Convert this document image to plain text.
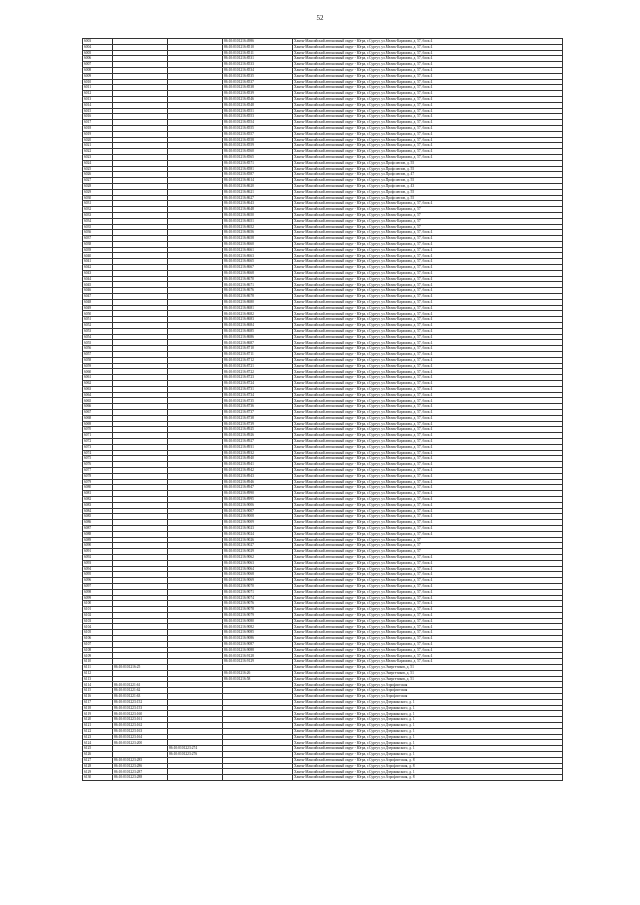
52
6003			86:10:0101216:4986	Ханты-Мансийский автономный округ - Югра, г.Сургут, ул.Мелик-Карамова, д. 57, блок 4
6004			86:10:0101216:8510	Ханты-Мансийский автономный округ - Югра, г.Сургут, ул.Мелик-Карамова, д. 57, блок 4
6005			86:10:0101216:8511	Ханты-Мансийский автономный округ - Югра, г.Сургут, ул.Мелик-Карамова, д. 57, блок 4
6006			86:10:0101216:8531	Ханты-Мансийский автономный округ - Югра, г.Сургут, ул.Мелик-Карамова, д. 57, блок 4
6007			86:10:0101216:8533	Ханты-Мансийский автономный округ - Югра, г.Сургут, ул.Мелик-Карамова, д. 57, блок 4
6008			86:10:0101216:8534	Ханты-Мансийский автономный округ - Югра, г.Сургут, ул.Мелик-Карамова, д. 57, блок 4
6009			86:10:0101216:8535	Ханты-Мансийский автономный округ - Югра, г.Сургут, ул.Мелик-Карамова, д. 57, блок 4
6010			86:10:0101216:8537	Ханты-Мансийский автономный округ - Югра, г.Сургут, ул.Мелик-Карамова, д. 57, блок 4
6011			86:10:0101216:8538	Ханты-Мансийский автономный округ - Югра, г.Сургут, ул.Мелик-Карамова, д. 57, блок 4
6012			86:10:0101216:8539	Ханты-Мансийский автономный округ - Югра, г.Сургут, ул.Мелик-Карамова, д. 57, блок 4
6013			86:10:0101216:8546	Ханты-Мансийский автономный округ - Югра, г.Сургут, ул.Мелик-Карамова, д. 57, блок 4
6014			86:10:0101216:8548	Ханты-Мансийский автономный округ - Югра, г.Сургут, ул.Мелик-Карамова, д. 57, блок 4
6015			86:10:0101216:8551	Ханты-Мансийский автономный округ - Югра, г.Сургут, ул.Мелик-Карамова, д. 57, блок 4
6016			86:10:0101216:8553	Ханты-Мансийский автономный округ - Югра, г.Сургут, ул.Мелик-Карамова, д. 57, блок 4
6017			86:10:0101216:8554	Ханты-Мансийский автономный округ - Югра, г.Сургут, ул.Мелик-Карамова, д. 57, блок 4
6018			86:10:0101216:8555	Ханты-Мансийский автономный округ - Югра, г.Сургут, ул.Мелик-Карамова, д. 57, блок 4
6019			86:10:0101216:8557	Ханты-Мансийский автономный округ - Югра, г.Сургут, ул.Мелик-Карамова, д. 57, блок 4
6020			86:10:0101216:8558	Ханты-Мансийский автономный округ - Югра, г.Сургут, ул.Мелик-Карамова, д. 57, блок 4
6021			86:10:0101216:8559	Ханты-Мансийский автономный округ - Югра, г.Сургут, ул.Мелик-Карамова, д. 57, блок 4
6022			86:10:0101216:8560	Ханты-Мансийский автономный округ - Югра, г.Сургут, ул.Мелик-Карамова, д. 57, блок 4
6023			86:10:0101216:8565	Ханты-Мансийский автономный округ - Югра, г.Сургут, ул.Мелик-Карамова, д. 57, блок 4
6024			86:10:0101216:8571	Ханты-Мансийский автономный округ - Югра, г.Сургут, ул.Профсоюзов, д. 55
6025			86:10:0101216:8581	Ханты-Мансийский автономный округ - Югра, г.Сургут, ул.Профсоюзов, д. 55
6026			86:10:0101216:8587	Ханты-Мансийский автономный округ - Югра, г.Сургут, ул.Профсоюзов, д. 47
6027			86:10:0101216:8614	Ханты-Мансийский автономный округ - Югра, г.Сургут, ул.Профсоюзов, д. 55
6028			86:10:0101216:8620	Ханты-Мансийский автономный округ - Югра, г.Сургут, ул.Профсоюзов, д. 43
6029			86:10:0101216:8621	Ханты-Мансийский автономный округ - Югра, г.Сургут, ул.Профсоюзов, д. 55
6030			86:10:0101216:8627	Ханты-Мансийский автономный округ - Югра, г.Сургут, ул.Профсоюзов, д. 55
6031			86:10:0101216:8643	Ханты-Мансийский автономный округ - Югра, г.Сургут, ул.Мелик-Карамова, д. 57, блок 4
6032			86:10:0101216:8648	Ханты-Мансийский автономный округ - Югра, г.Сургут, ул.Мелик-Карамова, д. 57
6033			86:10:0101216:8650	Ханты-Мансийский автономный округ - Югра, г.Сургут, ул.Мелик-Карамова, д. 57
6034			86:10:0101216:8651	Ханты-Мансийский автономный округ - Югра, г.Сургут, ул.Мелик-Карамова, д. 57
6035			86:10:0101216:8652	Ханты-Мансийский автономный округ - Югра, г.Сургут, ул.Мелик-Карамова, д. 57
6036			86:10:0101216:8656	Ханты-Мансийский автономный округ - Югра, г.Сургут, ул.Мелик-Карамова, д. 57, блок 4
6037			86:10:0101216:8658	Ханты-Мансийский автономный округ - Югра, г.Сургут, ул.Мелик-Карамова, д. 57, блок 4
6038			86:10:0101216:8660	Ханты-Мансийский автономный округ - Югра, г.Сургут, ул.Мелик-Карамова, д. 57, блок 4
6039			86:10:0101216:8661	Ханты-Мансийский автономный округ - Югра, г.Сургут, ул.Мелик-Карамова, д. 57, блок 4
6040			86:10:0101216:8663	Ханты-Мансийский автономный округ - Югра, г.Сургут, ул.Мелик-Карамова, д. 57, блок 4
6041			86:10:0101216:8665	Ханты-Мансийский автономный округ - Югра, г.Сургут, ул.Мелик-Карамова, д. 57, блок 4
6042			86:10:0101216:8667	Ханты-Мансийский автономный округ - Югра, г.Сургут, ул.Мелик-Карамова, д. 57, блок 4
6043			86:10:0101216:8668	Ханты-Мансийский автономный округ - Югра, г.Сургут, ул.Мелик-Карамова, д. 57, блок 4
6044			86:10:0101216:8670	Ханты-Мансийский автономный округ - Югра, г.Сургут, ул.Мелик-Карамова, д. 57, блок 4
6045			86:10:0101216:8671	Ханты-Мансийский автономный округ - Югра, г.Сургут, ул.Мелик-Карамова, д. 57, блок 4
6046			86:10:0101216:8676	Ханты-Мансийский автономный округ - Югра, г.Сургут, ул.Мелик-Карамова, д. 57, блок 4
6047			86:10:0101216:8678	Ханты-Мансийский автономный округ - Югра, г.Сургут, ул.Мелик-Карамова, д. 57, блок 4
6048			86:10:0101216:8680	Ханты-Мансийский автономный округ - Югра, г.Сургут, ул.Мелик-Карамова, д. 57, блок 4
6049			86:10:0101216:8681	Ханты-Мансийский автономный округ - Югра, г.Сургут, ул.Мелик-Карамова, д. 57, блок 4
6050			86:10:0101216:8682	Ханты-Мансийский автономный округ - Югра, г.Сургут, ул.Мелик-Карамова, д. 57, блок 4
6051			86:10:0101216:8683	Ханты-Мансийский автономный округ - Югра, г.Сургут, ул.Мелик-Карамова, д. 57, блок 4
6052			86:10:0101216:8684	Ханты-Мансийский автономный округ - Югра, г.Сургут, ул.Мелик-Карамова, д. 57, блок 4
6053			86:10:0101216:8685	Ханты-Мансийский автономный округ - Югра, г.Сургут, ул.Мелик-Карамова, д. 57, блок 4
6054			86:10:0101216:8686	Ханты-Мансийский автономный округ - Югра, г.Сургут, ул.Мелик-Карамова, д. 57, блок 4
6055			86:10:0101216:8687	Ханты-Мансийский автономный округ - Югра, г.Сургут, ул.Мелик-Карамова, д. 57, блок 4
6056			86:10:0101216:8710	Ханты-Мансийский автономный округ - Югра, г.Сургут, ул.Мелик-Карамова, д. 57, блок 4
6057			86:10:0101216:8711	Ханты-Мансийский автономный округ - Югра, г.Сургут, ул.Мелик-Карамова, д. 57, блок 4
6058			86:10:0101216:8712	Ханты-Мансийский автономный округ - Югра, г.Сургут, ул.Мелик-Карамова, д. 57, блок 4
6059			86:10:0101216:8721	Ханты-Мансийский автономный округ - Югра, г.Сургут, ул.Мелик-Карамова, д. 57, блок 4
6060			86:10:0101216:8722	Ханты-Мансийский автономный округ - Югра, г.Сургут, ул.Мелик-Карамова, д. 57, блок 4
6061			86:10:0101216:8723	Ханты-Мансийский автономный округ - Югра, г.Сургут, ул.Мелик-Карамова, д. 57, блок 4
6062			86:10:0101216:8724	Ханты-Мансийский автономный округ - Югра, г.Сургут, ул.Мелик-Карамова, д. 57, блок 4
6063			86:10:0101216:8731	Ханты-Мансийский автономный округ - Югра, г.Сургут, ул.Мелик-Карамова, д. 57, блок 4
6064			86:10:0101216:8734	Ханты-Мансийский автономный округ - Югра, г.Сургут, ул.Мелик-Карамова, д. 57, блок 4
6065			86:10:0101216:8735	Ханты-Мансийский автономный округ - Югра, г.Сургут, ул.Мелик-Карамова, д. 57, блок 4
6066			86:10:0101216:8736	Ханты-Мансийский автономный округ - Югра, г.Сургут, ул.Мелик-Карамова, д. 57, блок 4
6067			86:10:0101216:8737	Ханты-Мансийский автономный округ - Югра, г.Сургут, ул.Мелик-Карамова, д. 57, блок 4
6068			86:10:0101216:8738	Ханты-Мансийский автономный округ - Югра, г.Сургут, ул.Мелик-Карамова, д. 57, блок 4
6069			86:10:0101216:8739	Ханты-Мансийский автономный округ - Югра, г.Сургут, ул.Мелик-Карамова, д. 57, блок 4
6070			86:10:0101216:8925	Ханты-Мансийский автономный округ - Югра, г.Сургут, ул.Мелик-Карамова, д. 57, блок 4
6071			86:10:0101216:8926	Ханты-Мансийский автономный округ - Югра, г.Сургут, ул.Мелик-Карамова, д. 57, блок 4
6072			86:10:0101216:8927	Ханты-Мансийский автономный округ - Югра, г.Сургут, ул.Мелик-Карамова, д. 57, блок 4
6073			86:10:0101216:8931	Ханты-Мансийский автономный округ - Югра, г.Сургут, ул.Мелик-Карамова, д. 57, блок 4
6074			86:10:0101216:8932	Ханты-Мансийский автономный округ - Югра, г.Сургут, ул.Мелик-Карамова, д. 57, блок 4
6075			86:10:0101216:8940	Ханты-Мансийский автономный округ - Югра, г.Сургут, ул.Мелик-Карамова, д. 57, блок 4
6076			86:10:0101216:8941	Ханты-Мансийский автономный округ - Югра, г.Сургут, ул.Мелик-Карамова, д. 57, блок 4
6077			86:10:0101216:8942	Ханты-Мансийский автономный округ - Югра, г.Сургут, ул.Мелик-Карамова, д. 57, блок 4
6078			86:10:0101216:8943	Ханты-Мансийский автономный округ - Югра, г.Сургут, ул.Мелик-Карамова, д. 57, блок 4
6079			86:10:0101216:8946	Ханты-Мансийский автономный округ - Югра, г.Сургут, ул.Мелик-Карамова, д. 57, блок 4
6080			86:10:0101216:8947	Ханты-Мансийский автономный округ - Югра, г.Сургут, ул.Мелик-Карамова, д. 57, блок 4
6081			86:10:0101216:8990	Ханты-Мансийский автономный округ - Югра, г.Сургут, ул.Мелик-Карамова, д. 57, блок 4
6082			86:10:0101216:8995	Ханты-Мансийский автономный округ - Югра, г.Сургут, ул.Мелик-Карамова, д. 57, блок 4
6083			86:10:0101216:9006	Ханты-Мансийский автономный округ - Югра, г.Сургут, ул.Мелик-Карамова, д. 57, блок 4
6084			86:10:0101216:9007	Ханты-Мансийский автономный округ - Югра, г.Сургут, ул.Мелик-Карамова, д. 57, блок 4
6085			86:10:0101216:9008	Ханты-Мансийский автономный округ - Югра, г.Сургут, ул.Мелик-Карамова, д. 57, блок 4
6086			86:10:0101216:9009	Ханты-Мансийский автономный округ - Югра, г.Сургут, ул.Мелик-Карамова, д. 57, блок 4
6087			86:10:0101216:9023	Ханты-Мансийский автономный округ - Югра, г.Сургут, ул.Мелик-Карамова, д. 57, блок 4
6088			86:10:0101216:9024	Ханты-Мансийский автономный округ - Югра, г.Сургут, ул.Мелик-Карамова, д. 57, блок 4
6089			86:10:0101216:9026	Ханты-Мансийский автономный округ - Югра, г.Сургут, ул.Мелик-Карамова, д. 57
6090			86:10:0101216:9027	Ханты-Мансийский автономный округ - Югра, г.Сургут, ул.Мелик-Карамова, д. 57
6091			86:10:0101216:9029	Ханты-Мансийский автономный округ - Югра, г.Сургут, ул.Мелик-Карамова, д. 57
6092			86:10:0101216:9062	Ханты-Мансийский автономный округ - Югра, г.Сургут, ул.Мелик-Карамова, д. 57, блок 4
6093			86:10:0101216:9063	Ханты-Мансийский автономный округ - Югра, г.Сургут, ул.Мелик-Карамова, д. 57, блок 4
6094			86:10:0101216:9064	Ханты-Мансийский автономный округ - Югра, г.Сургут, ул.Мелик-Карамова, д. 57, блок 4
6095			86:10:0101216:9068	Ханты-Мансийский автономный округ - Югра, г.Сургут, ул.Мелик-Карамова, д. 57, блок 4
6096			86:10:0101216:9069	Ханты-Мансийский автономный округ - Югра, г.Сургут, ул.Мелик-Карамова, д. 57, блок 4
6097			86:10:0101216:9070	Ханты-Мансийский автономный округ - Югра, г.Сургут, ул.Мелик-Карамова, д. 57, блок 4
6098			86:10:0101216:9071	Ханты-Мансийский автономный округ - Югра, г.Сургут, ул.Мелик-Карамова, д. 57, блок 4
6099			86:10:0101216:9074	Ханты-Мансийский автономный округ - Югра, г.Сургут, ул.Мелик-Карамова, д. 57, блок 4
6100			86:10:0101216:9076	Ханты-Мансийский автономный округ - Югра, г.Сургут, ул.Мелик-Карамова, д. 57, блок 4
6101			86:10:0101216:9078	Ханты-Мансийский автономный округ - Югра, г.Сургут, ул.Мелик-Карамова, д. 57, блок 4
6102			86:10:0101216:9079	Ханты-Мансийский автономный округ - Югра, г.Сургут, ул.Мелик-Карамова, д. 57, блок 4
6103			86:10:0101216:9080	Ханты-Мансийский автономный округ - Югра, г.Сургут, ул.Мелик-Карамова, д. 57, блок 4
6104			86:10:0101216:9082	Ханты-Мансийский автономный округ - Югра, г.Сургут, ул.Мелик-Карамова, д. 57, блок 4
6105			86:10:0101216:9085	Ханты-Мансийский автономный округ - Югра, г.Сургут, ул.Мелик-Карамова, д. 57, блок 4
6106			86:10:0101216:9086	Ханты-Мансийский автономный округ - Югра, г.Сургут, ул.Мелик-Карамова, д. 57, блок 4
6107			86:10:0101216:9087	Ханты-Мансийский автономный округ - Югра, г.Сургут, ул.Мелик-Карамова, д. 57, блок 4
6108			86:10:0101216:9088	Ханты-Мансийский автономный округ - Югра, г.Сургут, ул.Мелик-Карамова, д. 57, блок 4
6109			86:10:0101216:9128	Ханты-Мансийский автономный округ - Югра, г.Сургут, ул.Мелик-Карамова, д. 57, блок 4
6110			86:10:0101216:9129	Ханты-Мансийский автономный округ - Югра, г.Сургут, ул.Мелик-Карамова, д. 57, блок 4
6111	86:10:0101216:25			Ханты-Мансийский автономный округ - Югра, г.Сургут, ул.Энергетиков, д. 51
6112			86:10:0101216:26	Ханты-Мансийский автономный округ - Югра, г.Сургут, ул.Энергетиков, д. 51
6113			86:10:0101216:58	Ханты-Мансийский автономный округ - Югра, г.Сургут, ул.Энергетиков, д. 51
6114	86:10:0101221:61			Ханты-Мансийский автономный округ - Югра, г.Сургут, ул.Аэрофлотская
6115	86:10:0101221:62			Ханты-Мансийский автономный округ - Югра, г.Сургут, ул.Аэрофлотская
6116	86:10:0101221:63			Ханты-Мансийский автономный округ - Югра, г.Сургут, ул.Аэрофлотская
6117	86:10:0101223:152			Ханты-Мансийский автономный округ - Югра, г.Сургут, ул.Дзержинского, д. 1
6118	86:10:0101223:153			Ханты-Мансийский автономный округ - Югра, г.Сургут, ул.Дзержинского, д. 1
6119	86:10:0101223:160			Ханты-Мансийский автономный округ - Югра, г.Сургут, ул.Дзержинского, д. 1
6120	86:10:0101223:161			Ханты-Мансийский автономный округ - Югра, г.Сургут, ул.Дзержинского, д. 1
6121	86:10:0101223:162			Ханты-Мансийский автономный округ - Югра, г.Сургут, ул.Дзержинского, д. 1
6122	86:10:0101223:163			Ханты-Мансийский автономный округ - Югра, г.Сургут, ул.Дзержинского, д. 1
6123	86:10:0101223:164			Ханты-Мансийский автономный округ - Югра, г.Сургут, ул.Дзержинского, д. 1
6124	86:10:0101223:200			Ханты-Мансийский автономный округ - Югра, г.Сургут, ул.Дзержинского, д. 1
6125		86:10:0101223:274		Ханты-Мансийский автономный округ - Югра, г.Сургут, ул.Дзержинского, д. 1
6126		86:10:0101223:276		Ханты-Мансийский автономный округ - Югра, г.Сургут, ул.Дзержинского, д. 1
6127	86:10:0101223:285			Ханты-Мансийский автономный округ - Югра, г.Сургут, ул.Аэрофлотская, д. 8
6128	86:10:0101223:286			Ханты-Мансийский автономный округ - Югра, г.Сургут, ул.Аэрофлотская, д. 8
6129	86:10:0101223:287			Ханты-Мансийский автономный округ - Югра, г.Сургут, ул.Дзержинского, д. 1
6130	86:10:0101223:288			Ханты-Мансийский автономный округ - Югра, г.Сургут, ул.Аэрофлотская, д. 8
